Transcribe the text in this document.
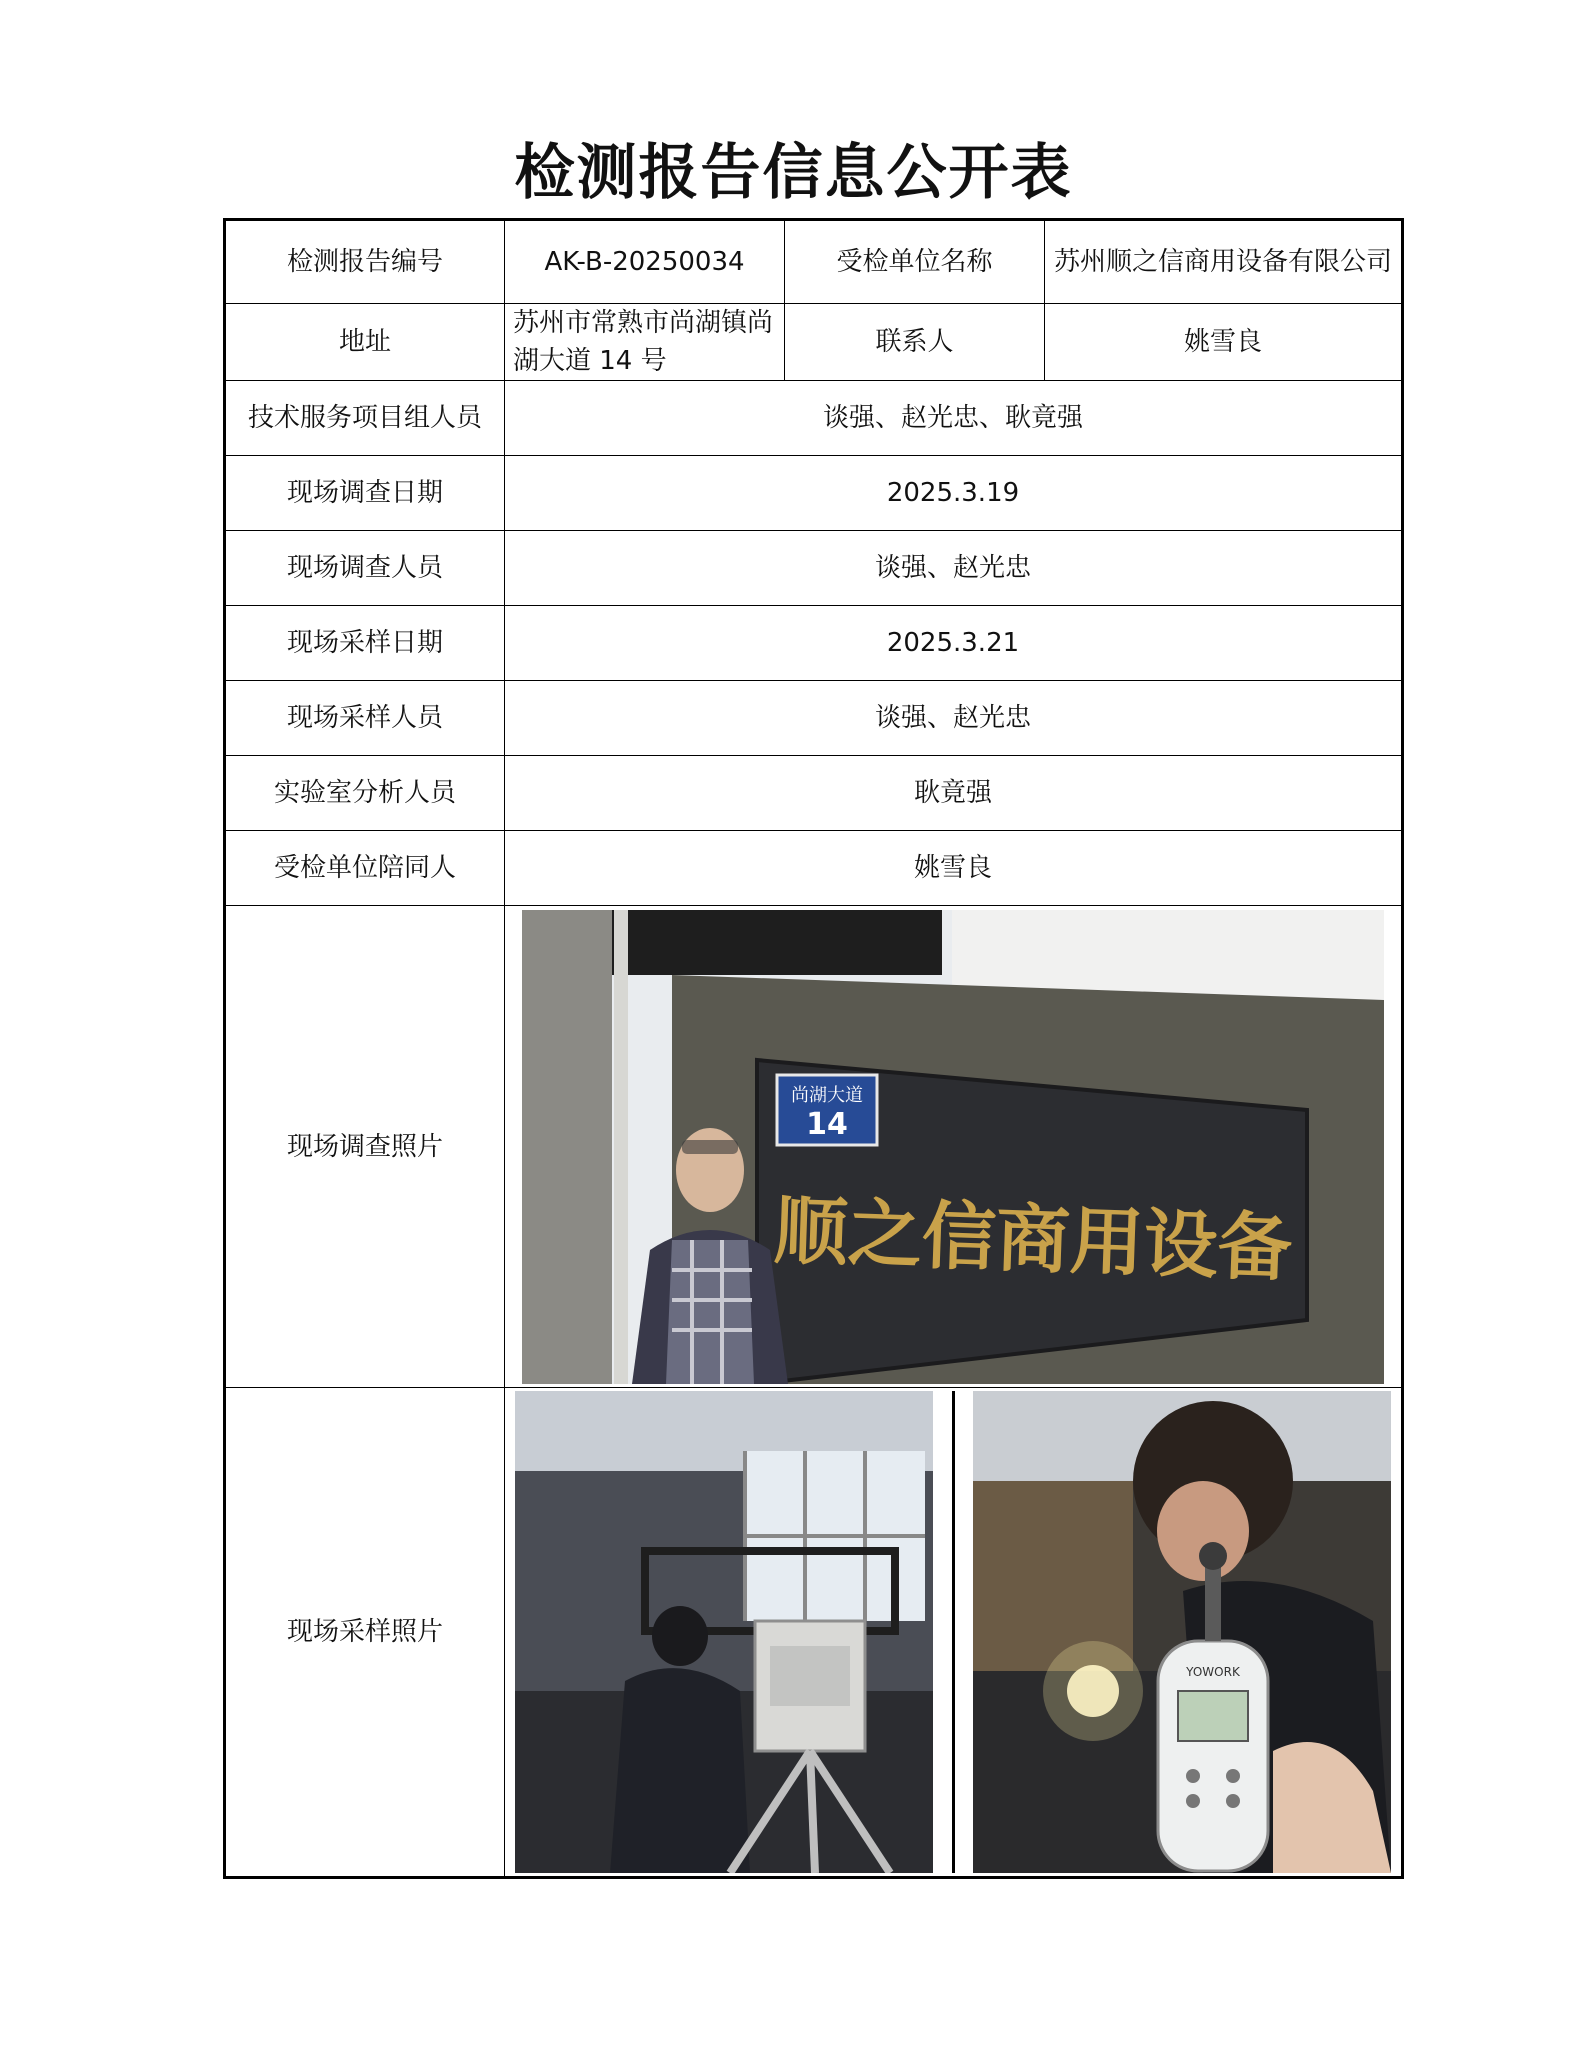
检测报告信息公开表
检测报告编号	AK-B-20250034	受检单位名称	苏州顺之信商用设备有限公司
地址	苏州市常熟市尚湖镇尚湖大道 14 号	联系人	姚雪良
技术服务项目组人员	谈强、赵光忠、耿竟强		
现场调查日期	2025.3.19		
现场调查人员	谈强、赵光忠		
现场采样日期	2025.3.21		
现场采样人员	谈强、赵光忠		
实验室分析人员	耿竟强		
受检单位陪同人	姚雪良		
现场调查照片	尚湖大道
14
顺之信商用设备		

现场采样照片	YOWORK		
